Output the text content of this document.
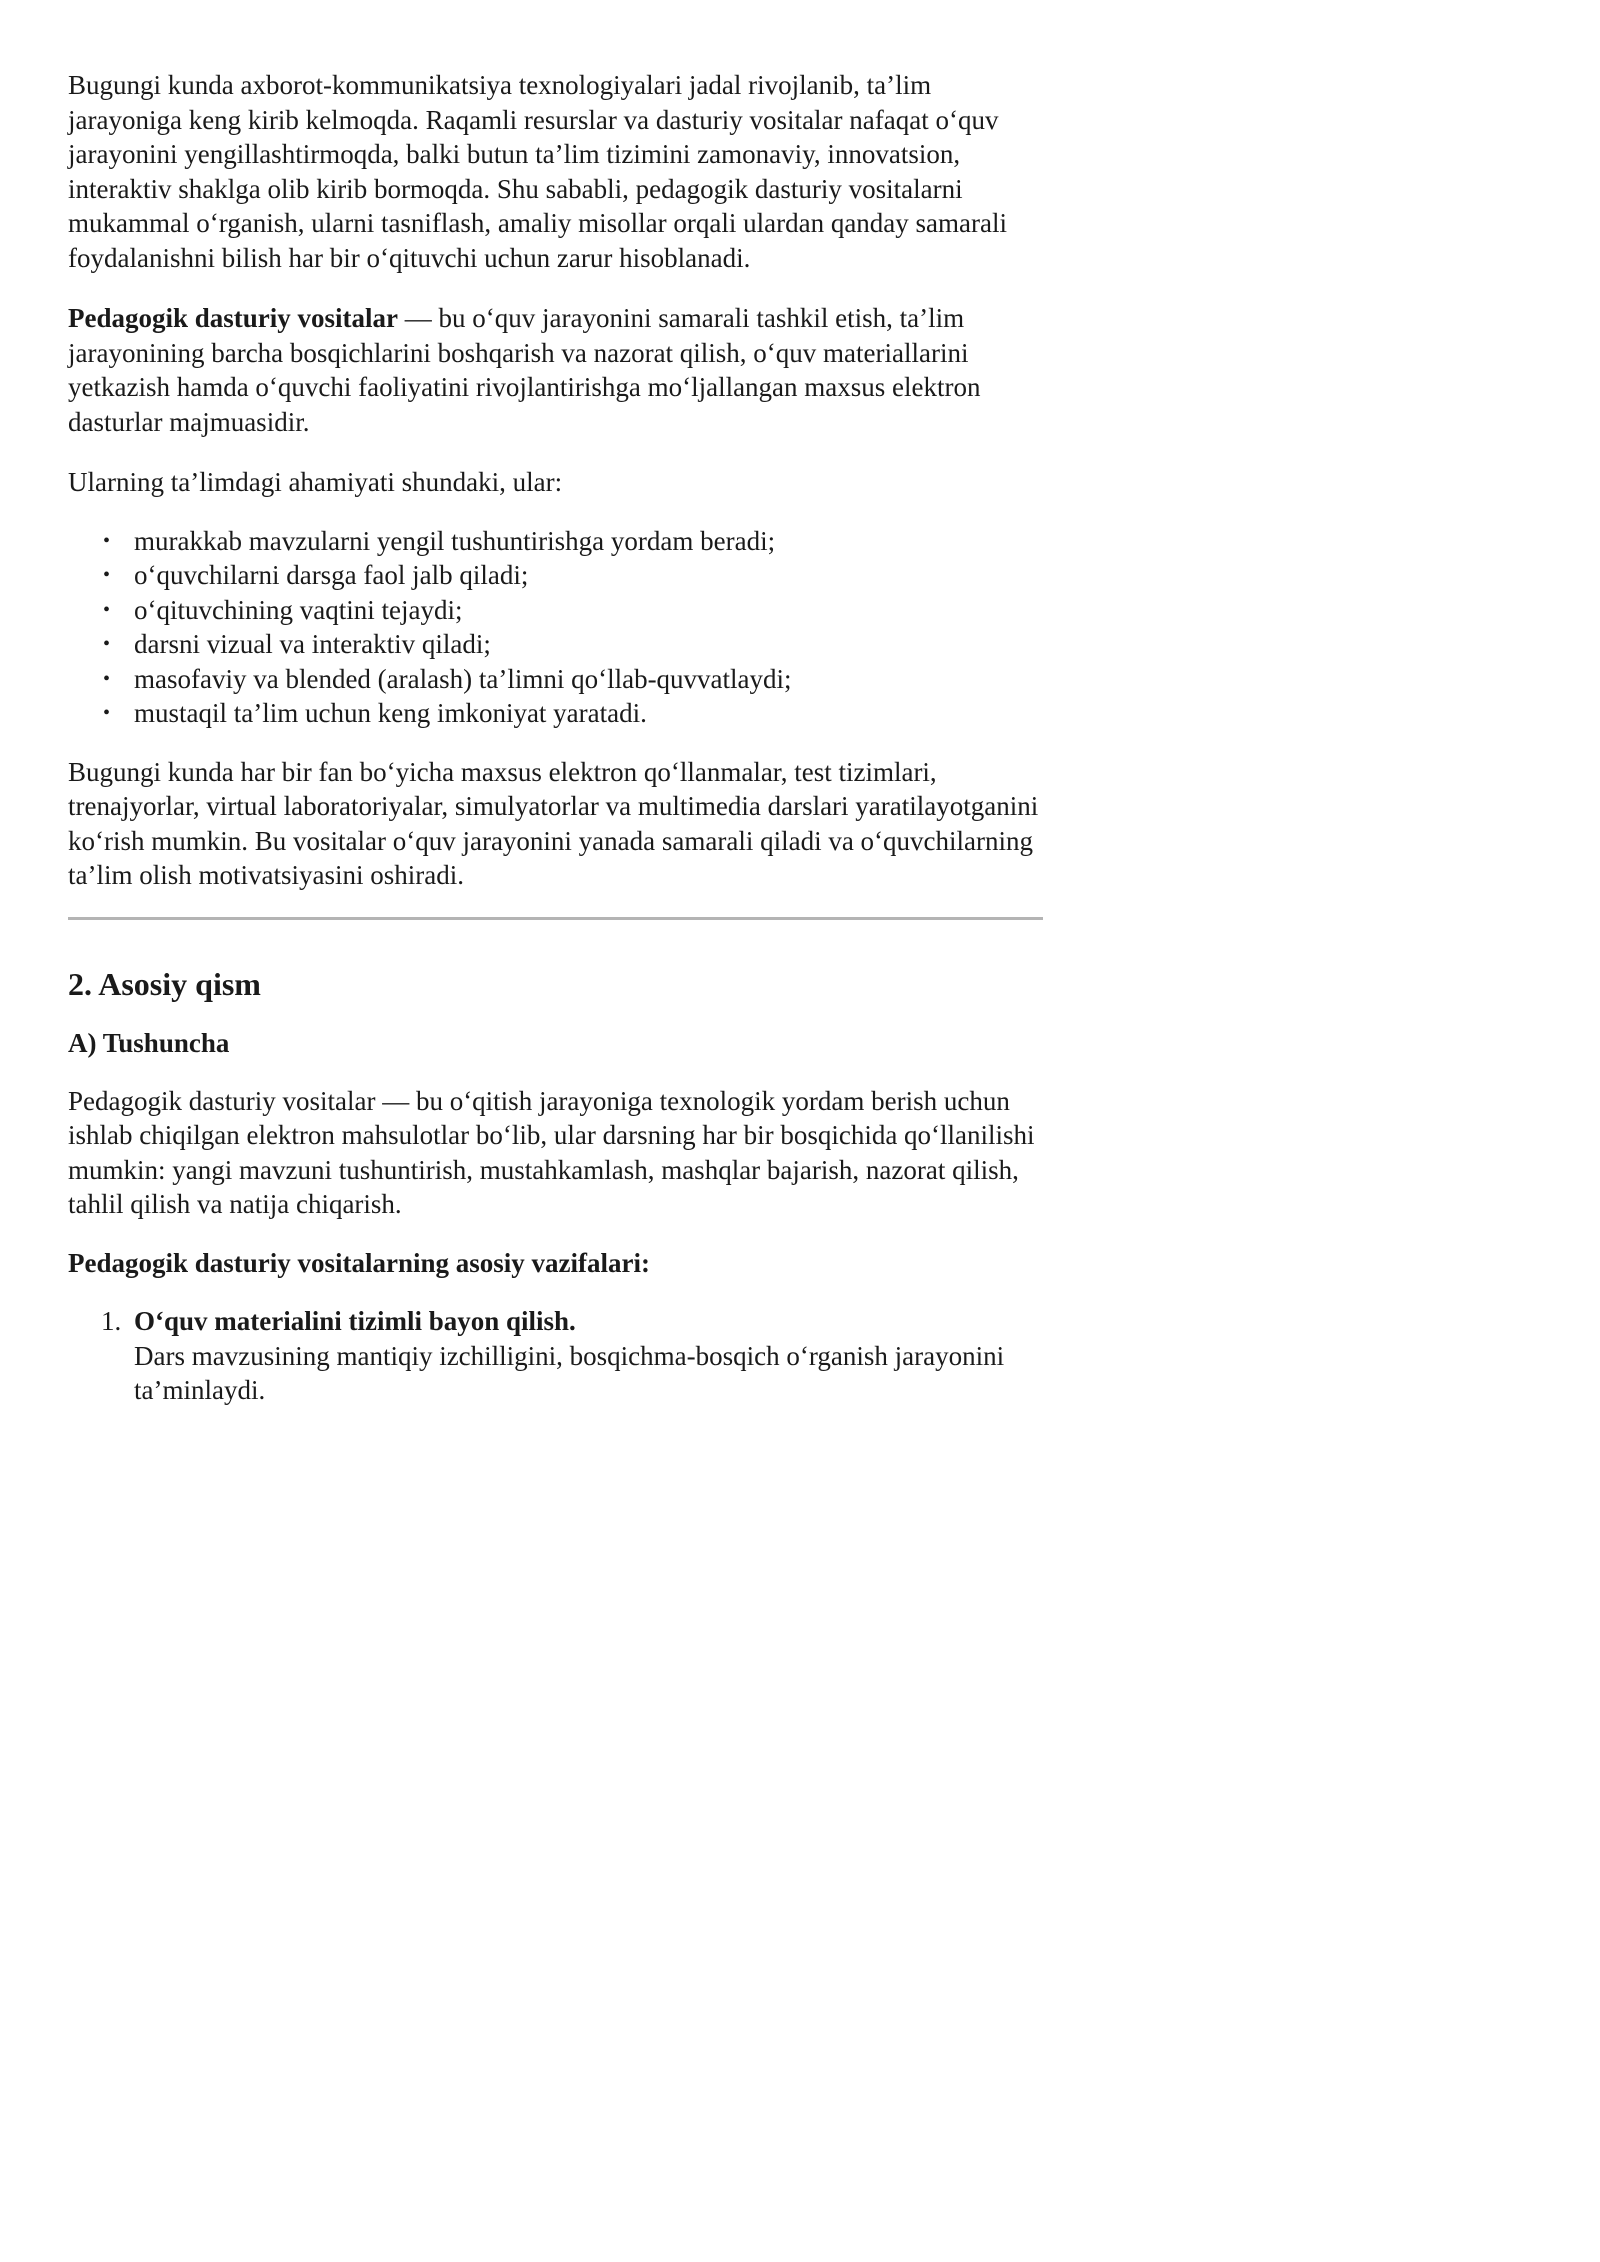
Bugungi kunda axborot-kommunikatsiya texnologiyalari jadal rivojlanib, ta’lim jarayoniga keng kirib kelmoqda. Raqamli resurslar va dasturiy vositalar nafaqat o‘quv jarayonini yengillashtirmoqda, balki butun ta’lim tizimini zamonaviy, innovatsion, interaktiv shaklga olib kirib bormoqda. Shu sababli, pedagogik dasturiy vositalarni mukammal o‘rganish, ularni tasniflash, amaliy misollar orqali ulardan qanday samarali foydalanishni bilish har bir o‘qituvchi uchun zarur hisoblanadi.

Pedagogik dasturiy vositalar — bu o‘quv jarayonini samarali tashkil etish, ta’lim jarayonining barcha bosqichlarini boshqarish va nazorat qilish, o‘quv materiallarini yetkazish hamda o‘quvchi faoliyatini rivojlantirishga mo‘ljallangan maxsus elektron dasturlar majmuasidir.

Ularning ta’limdagi ahamiyati shundaki, ular:

• murakkab mavzularni yengil tushuntirishga yordam beradi;
• o‘quvchilarni darsga faol jalb qiladi;
• o‘qituvchining vaqtini tejaydi;
• darsni vizual va interaktiv qiladi;
• masofaviy va blended (aralash) ta’limni qo‘llab-quvvatlaydi;
• mustaqil ta’lim uchun keng imkoniyat yaratadi.

Bugungi kunda har bir fan bo‘yicha maxsus elektron qo‘llanmalar, test tizimlari, trenajyorlar, virtual laboratoriyalar, simulyatorlar va multimedia darslari yaratilayotganini ko‘rish mumkin. Bu vositalar o‘quv jarayonini yanada samarali qiladi va o‘quvchilarning ta’lim olish motivatsiyasini oshiradi.

2. Asosiy qism
A) Tushuncha

Pedagogik dasturiy vositalar — bu o‘qitish jarayoniga texnologik yordam berish uchun ishlab chiqilgan elektron mahsulotlar bo‘lib, ular darsning har bir bosqichida qo‘llanilishi mumkin: yangi mavzuni tushuntirish, mustahkamlash, mashqlar bajarish, nazorat qilish, tahlil qilish va natija chiqarish.

Pedagogik dasturiy vositalarning asosiy vazifalari:

1. O‘quv materialini tizimli bayon qilish.
Dars mavzusining mantiqiy izchilligini, bosqichma-bosqich o‘rganish jarayonini ta’minlaydi.
